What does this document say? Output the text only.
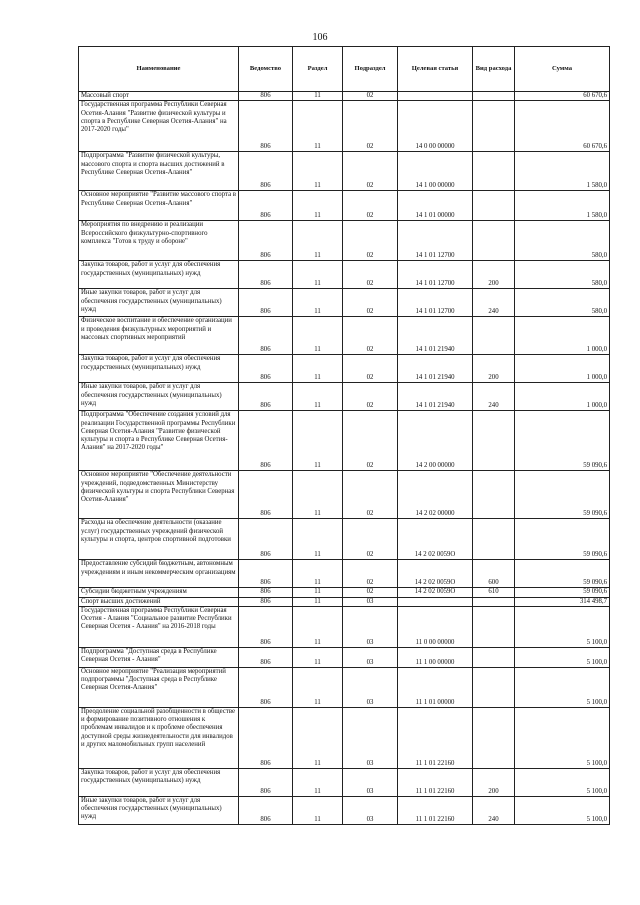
106
Наименование	Ведомство	Раздел	Подраздел	Целевая статья	Вид расхода	Сумма
Массовый спорт	806	11	02			60 670,6
Государственная программа Республики Северная Осетия-Алания "Развитие физической культуры и спорта в Республике Северная Осетия-Алания" на 2017-2020 годы"	806	11	02	14 0 00 00000		60 670,6
Подпрограмма "Развитие физической культуры, массового спорта и спорта высших достижений в Республике Северная Осетия-Алания"	806	11	02	14 1 00 00000		1 580,0
Основное мероприятие "Развитие массового спорта в Республике Северная Осетия-Алания"	806	11	02	14 1 01 00000		1 580,0
Мероприятия по внедрению и реализации Всероссийского физкультурно-спортивного комплекса "Готов к труду и обороне"	806	11	02	14 1 01 12700		580,0
Закупка товаров, работ и услуг для обеспечения государственных (муниципальных) нужд	806	11	02	14 1 01 12700	200	580,0
Иные закупки товаров, работ и услуг для обеспечения государственных (муниципальных) нужд	806	11	02	14 1 01 12700	240	580,0
Физическое воспитание и обеспечение организации и проведения физкультурных мероприятий и массовых спортивных мероприятий	806	11	02	14 1 01 21940		1 000,0
Закупка товаров, работ и услуг для обеспечения государственных (муниципальных) нужд	806	11	02	14 1 01 21940	200	1 000,0
Иные закупки товаров, работ и услуг для обеспечения государственных (муниципальных) нужд	806	11	02	14 1 01 21940	240	1 000,0
Подпрограмма "Обеспечение создания условий для реализации Государственной программы Республики Северная Осетия-Алания "Развитие физической культуры и спорта в Республике Северная Осетия-Алания" на 2017-2020 годы"	806	11	02	14 2 00 00000		59 090,6
Основное мероприятие "Обеспечение деятельности учреждений, подведомственных Министерству физической культуры и спорта Республики Северная Осетия-Алания"	806	11	02	14 2 02 00000		59 090,6
Расходы на обеспечение деятельности (оказание услуг) государственных учреждений физической культуры и спорта, центров спортивной подготовки	806	11	02	14 2 02 0059О		59 090,6
Предоставление субсидий бюджетным, автономным учреждениям и иным некоммерческим организациям	806	11	02	14 2 02 0059О	600	59 090,6
Субсидии бюджетным учреждениям	806	11	02	14 2 02 0059О	610	59 090,6
Спорт высших достижений	806	11	03			314 498,7
Государственная программа Республики Северная Осетия - Алания "Социальное развитие Республики Северная Осетия - Алания" на 2016-2018 годы	806	11	03	11 0 00 00000		5 100,0
Подпрограмма "Доступная среда в Республике Северная Осетия - Алания"	806	11	03	11 1 00 00000		5 100,0
Основное мероприятие "Реализация мероприятий подпрограммы "Доступная среда в Республике Северная Осетия-Алания"	806	11	03	11 1 01 00000		5 100,0
Преодоление социальной разобщенности в обществе и формирование позитивного отношения к проблемам инвалидов и к проблеме обеспечения доступной среды жизнедеятельности для инвалидов и других маломобильных групп населений	806	11	03	11 1 01 22160		5 100,0
Закупка товаров, работ и услуг для обеспечения государственных (муниципальных) нужд	806	11	03	11 1 01 22160	200	5 100,0
Иные закупки товаров, работ и услуг для обеспечения государственных (муниципальных) нужд	806	11	03	11 1 01 22160	240	5 100,0
